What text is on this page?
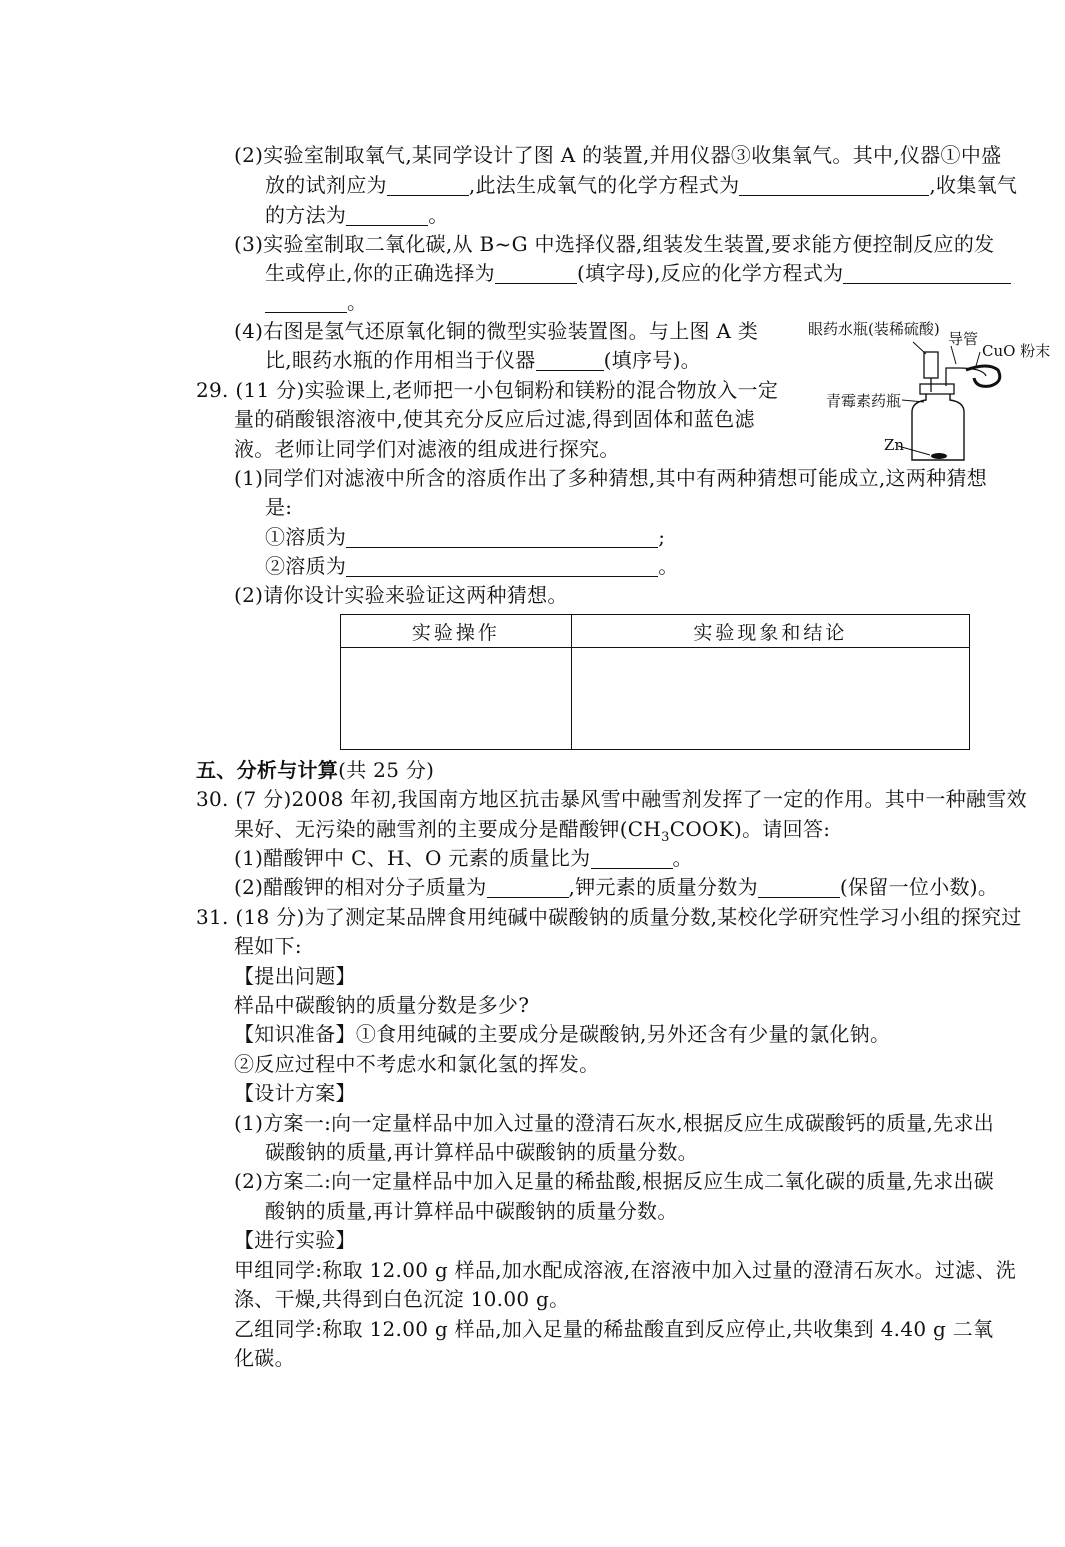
(2)实验室制取氧气,某同学设计了图 A 的装置,并用仪器③收集氧气。其中,仪器①中盛
放的试剂应为	,此法生成氧气的化学方程式为	,收集氧气
的方法为	。
(3)实验室制取二氧化碳,从 B~G 中选择仪器,组装发生装置,要求能方便控制反应的发
生或停止,你的正确选择为	(填字母),反应的化学方程式为
。
(4)右图是氢气还原氧化铜的微型实验装置图。与上图 A 类
比,眼药水瓶的作用相当于仪器	(填序号)。
眼药水瓶(装稀硫酸)
导管
CuO 粉末
青霉素药瓶
Zn
29. (11 分)实验课上,老师把一小包铜粉和镁粉的混合物放入一定
量的硝酸银溶液中,使其充分反应后过滤,得到固体和蓝色滤
液。老师让同学们对滤液的组成进行探究。
(1)同学们对滤液中所含的溶质作出了多种猜想,其中有两种猜想可能成立,这两种猜想
是:
①溶质为	;
②溶质为	。
(2)请你设计实验来验证这两种猜想。
实验操作	实验现象和结论

五、分析与计算(共 25 分)
30. (7 分)2008 年初,我国南方地区抗击暴风雪中融雪剂发挥了一定的作用。其中一种融雪效
果好、无污染的融雪剂的主要成分是醋酸钾$(CH_3COOK)$。请回答:
(1)醋酸钾中 C、H、O 元素的质量比为	。
(2)醋酸钾的相对分子质量为	,钾元素的质量分数为	(保留一位小数)。
31. (18 分)为了测定某品牌食用纯碱中碳酸钠的质量分数,某校化学研究性学习小组的探究过
程如下:
【提出问题】
样品中碳酸钠的质量分数是多少?
【知识准备】①食用纯碱的主要成分是碳酸钠,另外还含有少量的氯化钠。
②反应过程中不考虑水和氯化氢的挥发。
【设计方案】
(1)方案一:向一定量样品中加入过量的澄清石灰水,根据反应生成碳酸钙的质量,先求出
碳酸钠的质量,再计算样品中碳酸钠的质量分数。
(2)方案二:向一定量样品中加入足量的稀盐酸,根据反应生成二氧化碳的质量,先求出碳
酸钠的质量,再计算样品中碳酸钠的质量分数。
【进行实验】
甲组同学:称取 12.00 g 样品,加水配成溶液,在溶液中加入过量的澄清石灰水。过滤、洗
涤、干燥,共得到白色沉淀 10.00 g。
乙组同学:称取 12.00 g 样品,加入足量的稀盐酸直到反应停止,共收集到 4.40 g 二氧
化碳。
